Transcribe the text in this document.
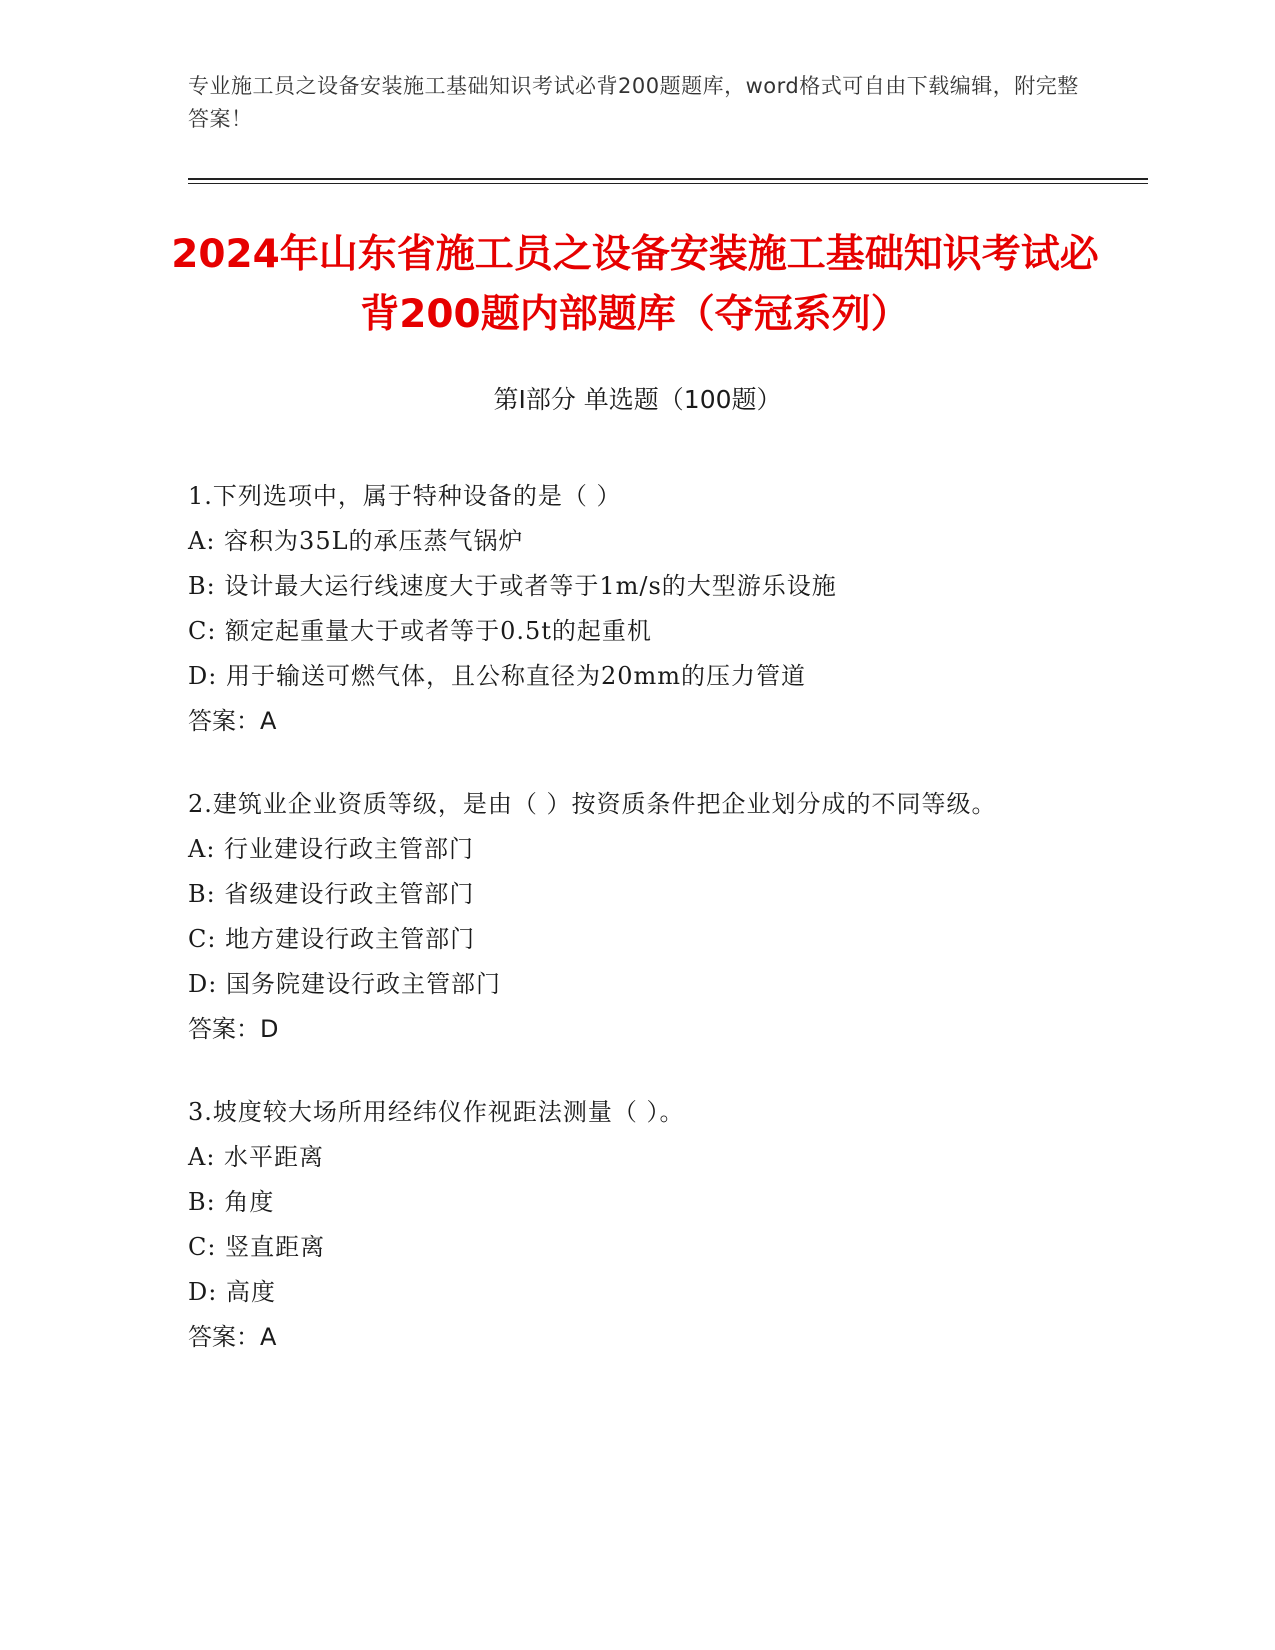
专业施工员之设备安装施工基础知识考试必背200题题库，word格式可自由下载编辑，附完整答案！
2024年山东省施工员之设备安装施工基础知识考试必背200题内部题库（夺冠系列）
第I部分 单选题（100题）

1.下列选项中，属于特种设备的是（ ）

A: 容积为35L的承压蒸气锅炉

B: 设计最大运行线速度大于或者等于1m/s的大型游乐设施

C: 额定起重量大于或者等于0.5t的起重机

D: 用于输送可燃气体，且公称直径为20mm的压力管道

答案：A

2.建筑业企业资质等级，是由（ ）按资质条件把企业划分成的不同等级。

A: 行业建设行政主管部门

B: 省级建设行政主管部门

C: 地方建设行政主管部门

D: 国务院建设行政主管部门

答案：D

3.坡度较大场所用经纬仪作视距法测量（ ）。

A: 水平距离

B: 角度

C: 竖直距离

D: 高度

答案：A
